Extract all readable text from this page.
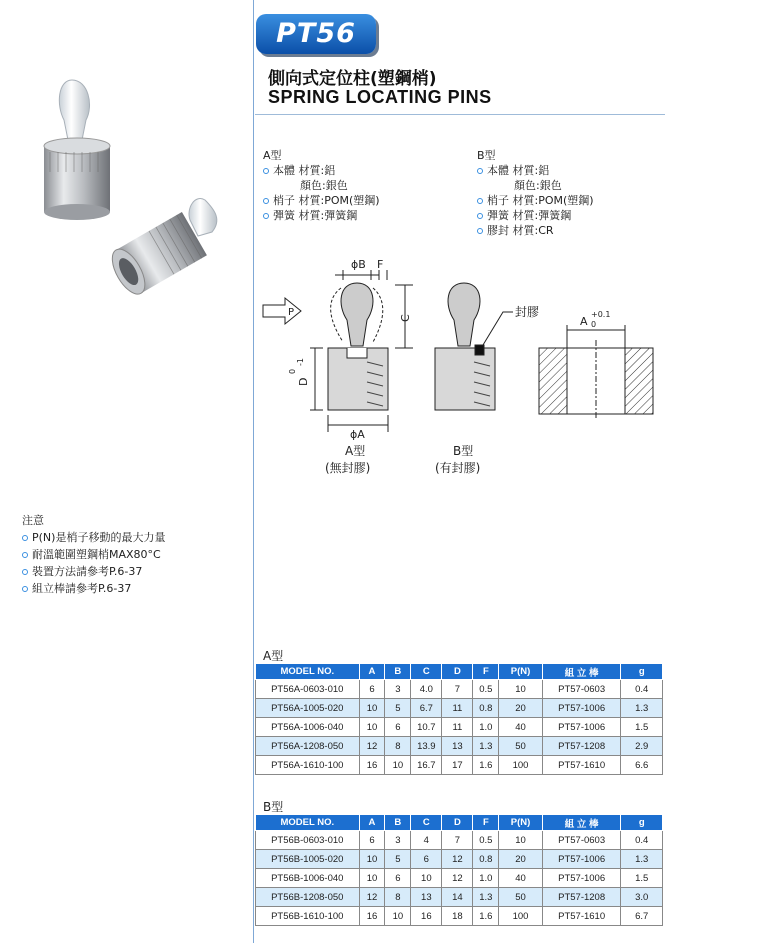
PT56
側向式定位柱(塑鋼梢)
SPRING LOCATING PINS
A型
本體 材質:鋁
顏色:銀色
梢子 材質:POM(塑鋼)
彈簧 材質:彈簧鋼
B型
本體 材質:鋁
顏色:銀色
梢子 材質:POM(塑鋼)
彈簧 材質:彈簧鋼
膠封 材質:CR
ϕB F
C
P
D
0
-1
ϕA
封膠
A
+0.1
0
A型
(無封膠)
B型
(有封膠)
注意
P(N)是梢子移動的最大力量
耐溫範圍塑鋼梢MAX80°C
裝置方法請參考P.6-37
組立棒請參考P.6-37
A型
MODEL NO.	A	B	C	D	F	P(N)	組 立 棒	g
PT56A-0603-010	6	3	4.0	7	0.5	10	PT57-0603	0.4
PT56A-1005-020	10	5	6.7	11	0.8	20	PT57-1006	1.3
PT56A-1006-040	10	6	10.7	11	1.0	40	PT57-1006	1.5
PT56A-1208-050	12	8	13.9	13	1.3	50	PT57-1208	2.9
PT56A-1610-100	16	10	16.7	17	1.6	100	PT57-1610	6.6
B型
MODEL NO.	A	B	C	D	F	P(N)	組 立 棒	g
PT56B-0603-010	6	3	4	7	0.5	10	PT57-0603	0.4
PT56B-1005-020	10	5	6	12	0.8	20	PT57-1006	1.3
PT56B-1006-040	10	6	10	12	1.0	40	PT57-1006	1.5
PT56B-1208-050	12	8	13	14	1.3	50	PT57-1208	3.0
PT56B-1610-100	16	10	16	18	1.6	100	PT57-1610	6.7
